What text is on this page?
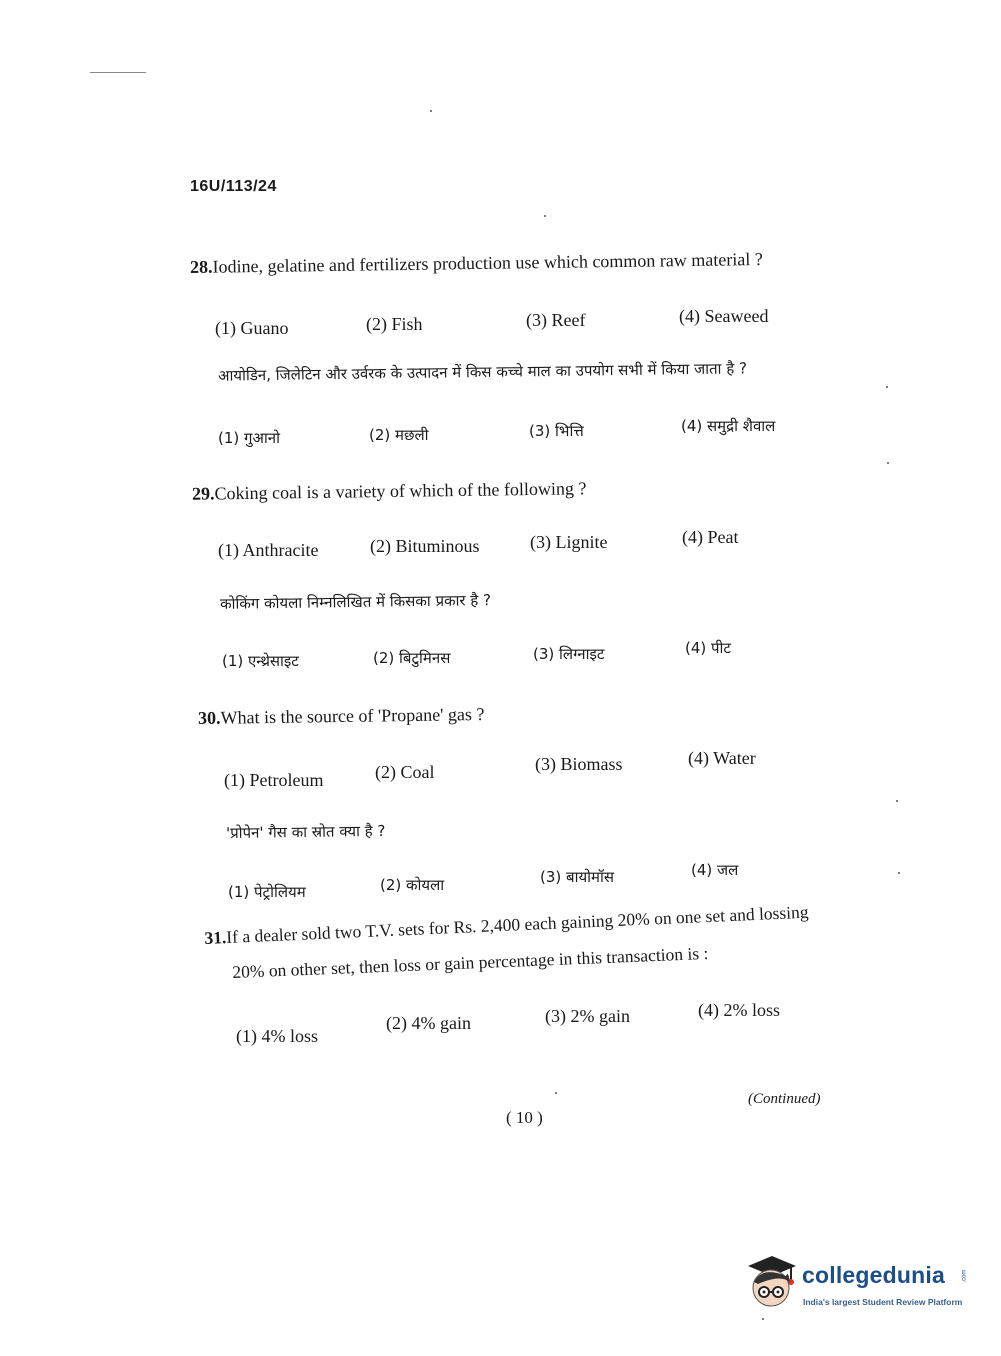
16U/113/24
28.Iodine, gelatine and fertilizers production use which common raw material ?
(1) Guano	(2) Fish	(3) Reef	(4) Seaweed
आयोडिन, जिलेटिन और उर्वरक के उत्पादन में किस कच्चे माल का उपयोग सभी में किया जाता है ?
(1) गुआनो	(2) मछली	(3) भित्ति	(4) समुद्री शैवाल
29.Coking coal is a variety of which of the following ?
(1) Anthracite	(2) Bituminous	(3) Lignite	(4) Peat
कोकिंग कोयला निम्नलिखित में किसका प्रकार है ?
(1) एन्थ्रेसाइट	(2) बिटुमिनस	(3) लिग्नाइट	(4) पीट
30.What is the source of 'Propane' gas ?
(1) Petroleum	(2) Coal	(3) Biomass	(4) Water
'प्रोपेन' गैस का स्रोत क्या है ?
(1) पेट्रोलियम	(2) कोयला	(3) बायोमॉस	(4) जल
31.If a dealer sold two T.V. sets for Rs. 2,400 each gaining 20% on one set and lossing
20% on other set, then loss or gain percentage in this transaction is :
(1) 4% loss
(2) 4% gain	(3) 2% gain	(4) 2% loss
(Continued)
( 10 )
collegedunia	.com
India's largest Student Review Platform
